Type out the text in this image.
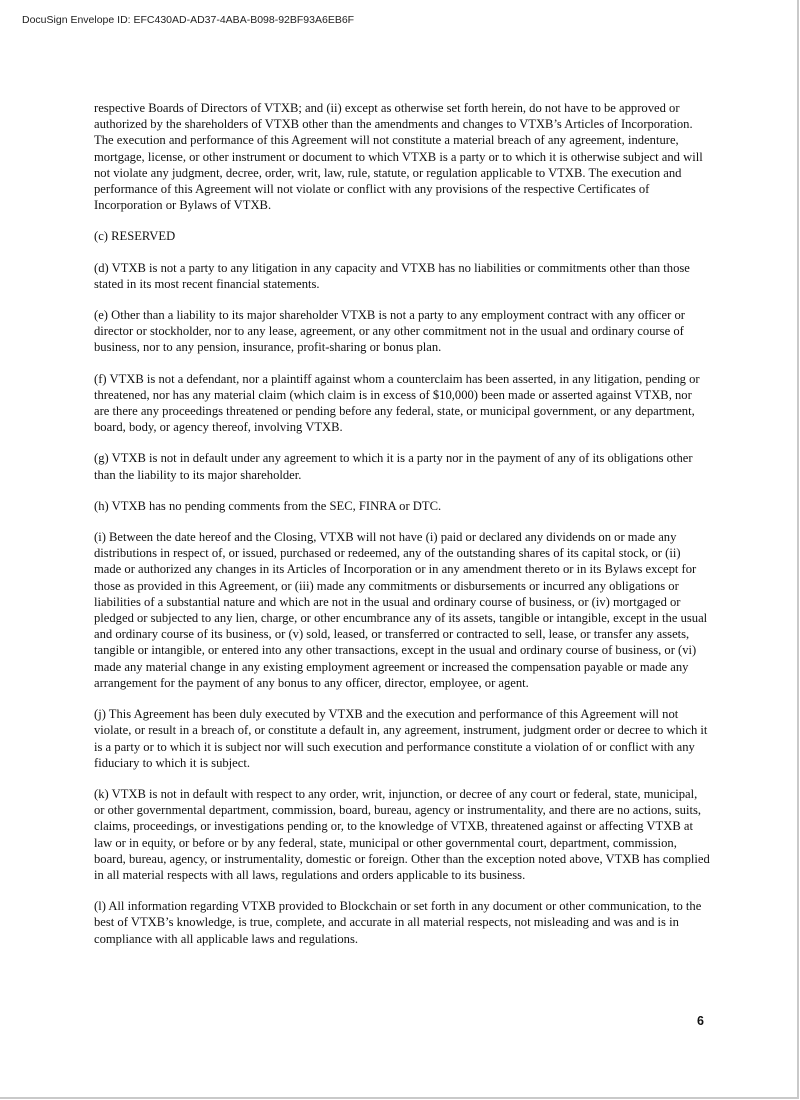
DocuSign Envelope ID: EFC430AD-AD37-4ABA-B098-92BF93A6EB6F

respective Boards of Directors of VTXB; and (ii) except as otherwise set forth herein, do not have to be approved or authorized by the shareholders of VTXB other than the amendments and changes to VTXB’s Articles of Incorporation. The execution and performance of this Agreement will not constitute a material breach of any agreement, indenture, mortgage, license, or other instrument or document to which VTXB is a party or to which it is otherwise subject and will not violate any judgment, decree, order, writ, law, rule, statute, or regulation applicable to VTXB. The execution and performance of this Agreement will not violate or conflict with any provisions of the respective Certificates of Incorporation or Bylaws of VTXB.

(c) RESERVED

(d) VTXB is not a party to any litigation in any capacity and VTXB has no liabilities or commitments other than those stated in its most recent financial statements.

(e) Other than a liability to its major shareholder VTXB is not a party to any employment contract with any officer or director or stockholder, nor to any lease, agreement, or any other commitment not in the usual and ordinary course of business, nor to any pension, insurance, profit-sharing or bonus plan.

(f) VTXB is not a defendant, nor a plaintiff against whom a counterclaim has been asserted, in any litigation, pending or threatened, nor has any material claim (which claim is in excess of $10,000) been made or asserted against VTXB, nor are there any proceedings threatened or pending before any federal, state, or municipal government, or any department, board, body, or agency thereof, involving VTXB.

(g) VTXB is not in default under any agreement to which it is a party nor in the payment of any of its obligations other than the liability to its major shareholder.

(h) VTXB has no pending comments from the SEC, FINRA or DTC.

(i) Between the date hereof and the Closing, VTXB will not have (i) paid or declared any dividends on or made any distributions in respect of, or issued, purchased or redeemed, any of the outstanding shares of its capital stock, or (ii) made or authorized any changes in its Articles of Incorporation or in any amendment thereto or in its Bylaws except for those as provided in this Agreement, or (iii) made any commitments or disbursements or incurred any obligations or liabilities of a substantial nature and which are not in the usual and ordinary course of business, or (iv) mortgaged or pledged or subjected to any lien, charge, or other encumbrance any of its assets, tangible or intangible, except in the usual and ordinary course of its business, or (v) sold, leased, or transferred or contracted to sell, lease, or transfer any assets, tangible or intangible, or entered into any other transactions, except in the usual and ordinary course of business, or (vi) made any material change in any existing employment agreement or increased the compensation payable or made any arrangement for the payment of any bonus to any officer, director, employee, or agent.

(j) This Agreement has been duly executed by VTXB and the execution and performance of this Agreement will not violate, or result in a breach of, or constitute a default in, any agreement, instrument, judgment order or decree to which it is a party or to which it is subject nor will such execution and performance constitute a violation of or conflict with any fiduciary to which it is subject.

(k) VTXB is not in default with respect to any order, writ, injunction, or decree of any court or federal, state, municipal, or other governmental department, commission, board, bureau, agency or instrumentality, and there are no actions, suits, claims, proceedings, or investigations pending or, to the knowledge of VTXB, threatened against or affecting VTXB at law or in equity, or before or by any federal, state, municipal or other governmental court, department, commission, board, bureau, agency, or instrumentality, domestic or foreign. Other than the exception noted above, VTXB has complied in all material respects with all laws, regulations and orders applicable to its business.

(l) All information regarding VTXB provided to Blockchain or set forth in any document or other communication, to the best of VTXB’s knowledge, is true, complete, and accurate in all material respects, not misleading and was and is in compliance with all applicable laws and regulations.

6
